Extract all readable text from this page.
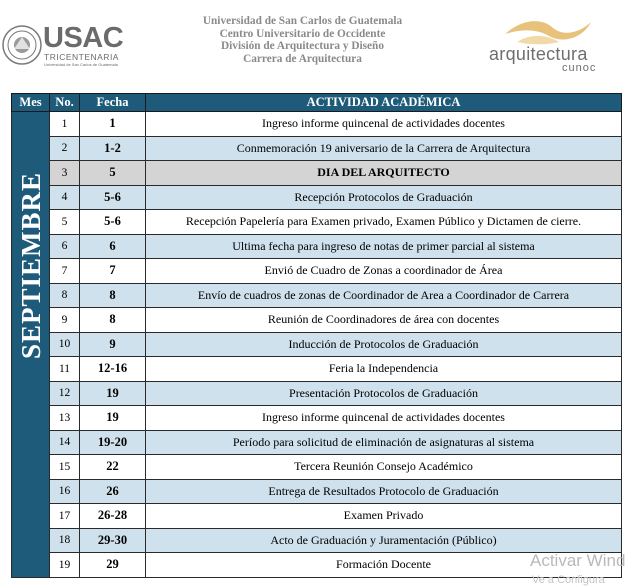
USAC
TRICENTENARIA
Universidad de San Carlos de Guatemala
Universidad de San Carlos de Guatemala
Centro Universitario de Occidente
División de Arquitectura y Diseño
Carrera de Arquitectura	arquitectura
cunoc
Mes	No.	Fecha	ACTIVIDAD ACADÉMICA

SEPTIEMBRE	1	1	Ingreso informe quincenal de actividades docentes
	2	1-2	Conmemoración 19 aniversario de la Carrera de Arquitectura
	3	5	DIA DEL ARQUITECTO
	4	5-6	Recepción Protocolos de Graduación
	5	5-6	Recepción Papelería para Examen privado, Examen Público y Dictamen de cierre.
	6	6	Ultima fecha para ingreso de notas de primer parcial al sistema
	7	7	Envió de Cuadro de Zonas a coordinador de Área
	8	8	Envío de cuadros de zonas de Coordinador de Area a Coordinador de Carrera
	9	8	Reunión de Coordinadores de área con docentes
	10	9	Inducción de Protocolos de Graduación
	11	12-16	Feria la Independencia
	12	19	Presentación Protocolos de Graduación
	13	19	Ingreso informe quincenal de actividades docentes
	14	19-20	Período para solicitud de eliminación de asignaturas al sistema
	15	22	Tercera Reunión Consejo Académico
	16	26	Entrega de Resultados Protocolo de Graduación
	17	26-28	Examen Privado
	18	29-30	Acto de Graduación y Juramentación (Público)
	19	29	Formación Docente	Activar Wind
Ve a Configura
